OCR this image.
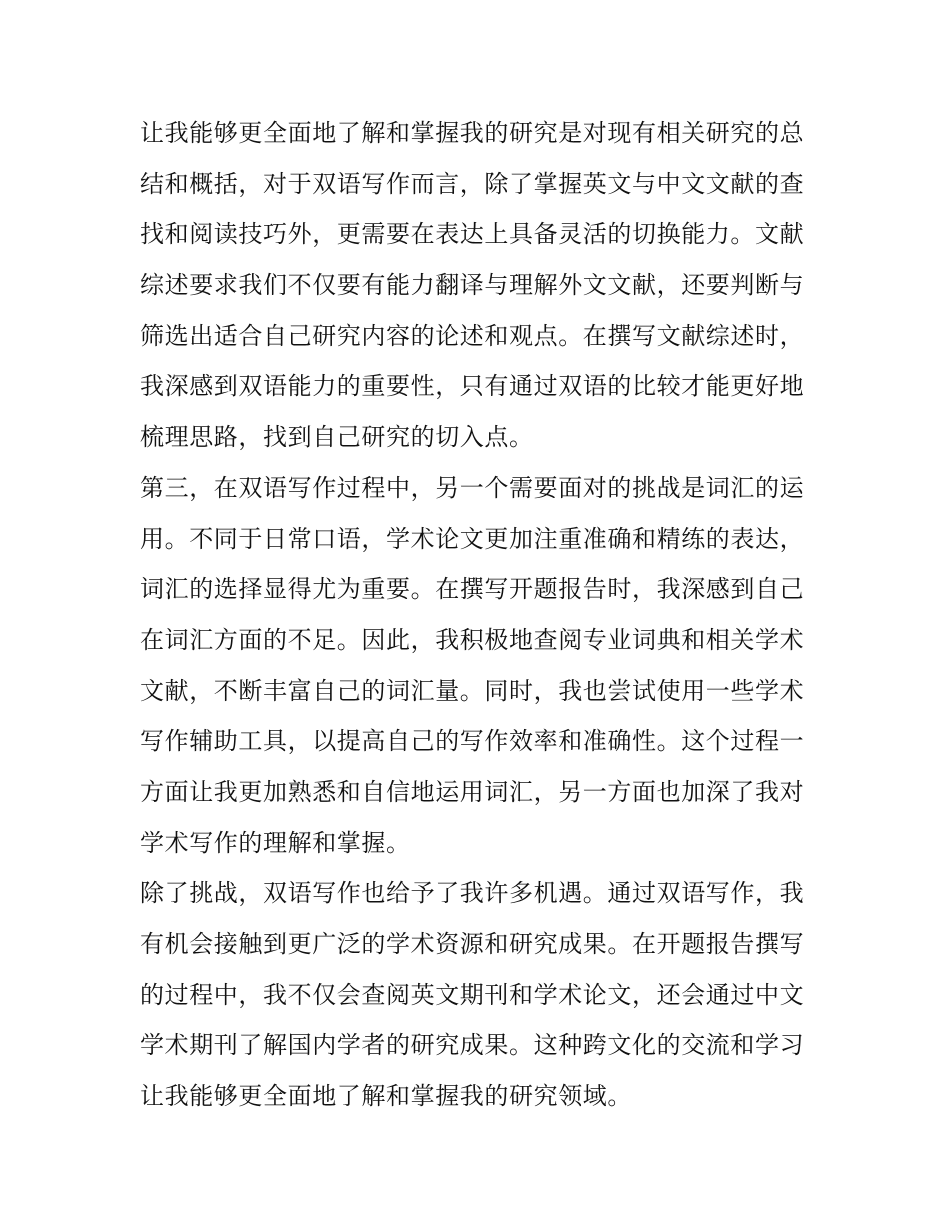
让我能够更全面地了解和掌握我的研究是对现有相关研究的总
结和概括，对于双语写作而言，除了掌握英文与中文文献的查
找和阅读技巧外，更需要在表达上具备灵活的切换能力。文献
综述要求我们不仅要有能力翻译与理解外文文献，还要判断与
筛选出适合自己研究内容的论述和观点。在撰写文献综述时，
我深感到双语能力的重要性，只有通过双语的比较才能更好地
梳理思路，找到自己研究的切入点。
第三，在双语写作过程中，另一个需要面对的挑战是词汇的运
用。不同于日常口语，学术论文更加注重准确和精练的表达，
词汇的选择显得尤为重要。在撰写开题报告时，我深感到自己
在词汇方面的不足。因此，我积极地查阅专业词典和相关学术
文献，不断丰富自己的词汇量。同时，我也尝试使用一些学术
写作辅助工具，以提高自己的写作效率和准确性。这个过程一
方面让我更加熟悉和自信地运用词汇，另一方面也加深了我对
学术写作的理解和掌握。
除了挑战，双语写作也给予了我许多机遇。通过双语写作，我
有机会接触到更广泛的学术资源和研究成果。在开题报告撰写
的过程中，我不仅会查阅英文期刊和学术论文，还会通过中文
学术期刊了解国内学者的研究成果。这种跨文化的交流和学习
让我能够更全面地了解和掌握我的研究领域。
